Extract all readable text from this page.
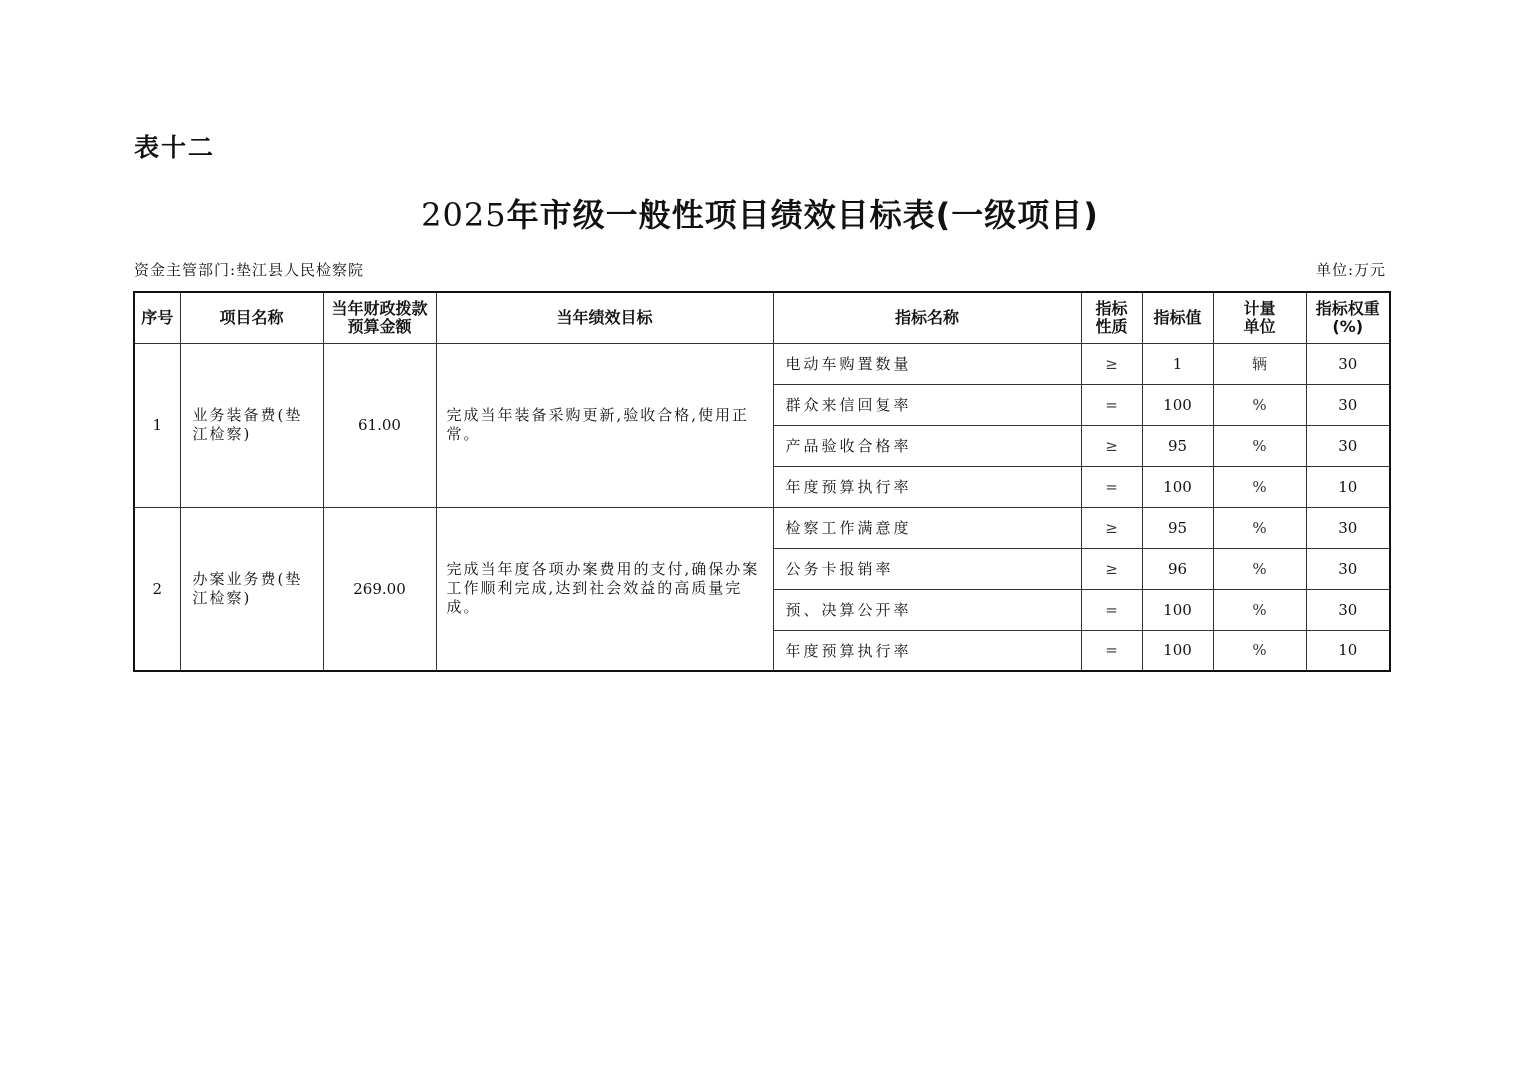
表十二
2025年市级一般性项目绩效目标表(一级项目)
资金主管部门:垫江县人民检察院	单位:万元
序号	项目名称	当年财政拨款预算金额	当年绩效目标	指标名称	指标性质	指标值	计量单位	指标权重(%)
1	业务装备费(垫江检察)	61.00	完成当年装备采购更新,验收合格,使用正常。	电动车购置数量	≥	1	辆	30
				群众来信回复率	=	100	%	30
				产品验收合格率	≥	95	%	30
				年度预算执行率	=	100	%	10
2	办案业务费(垫江检察)	269.00	完成当年度各项办案费用的支付,确保办案工作顺利完成,达到社会效益的高质量完成。	检察工作满意度	≥	95	%	30
				公务卡报销率	≥	96	%	30
				预、决算公开率	=	100	%	30
				年度预算执行率	=	100	%	10
